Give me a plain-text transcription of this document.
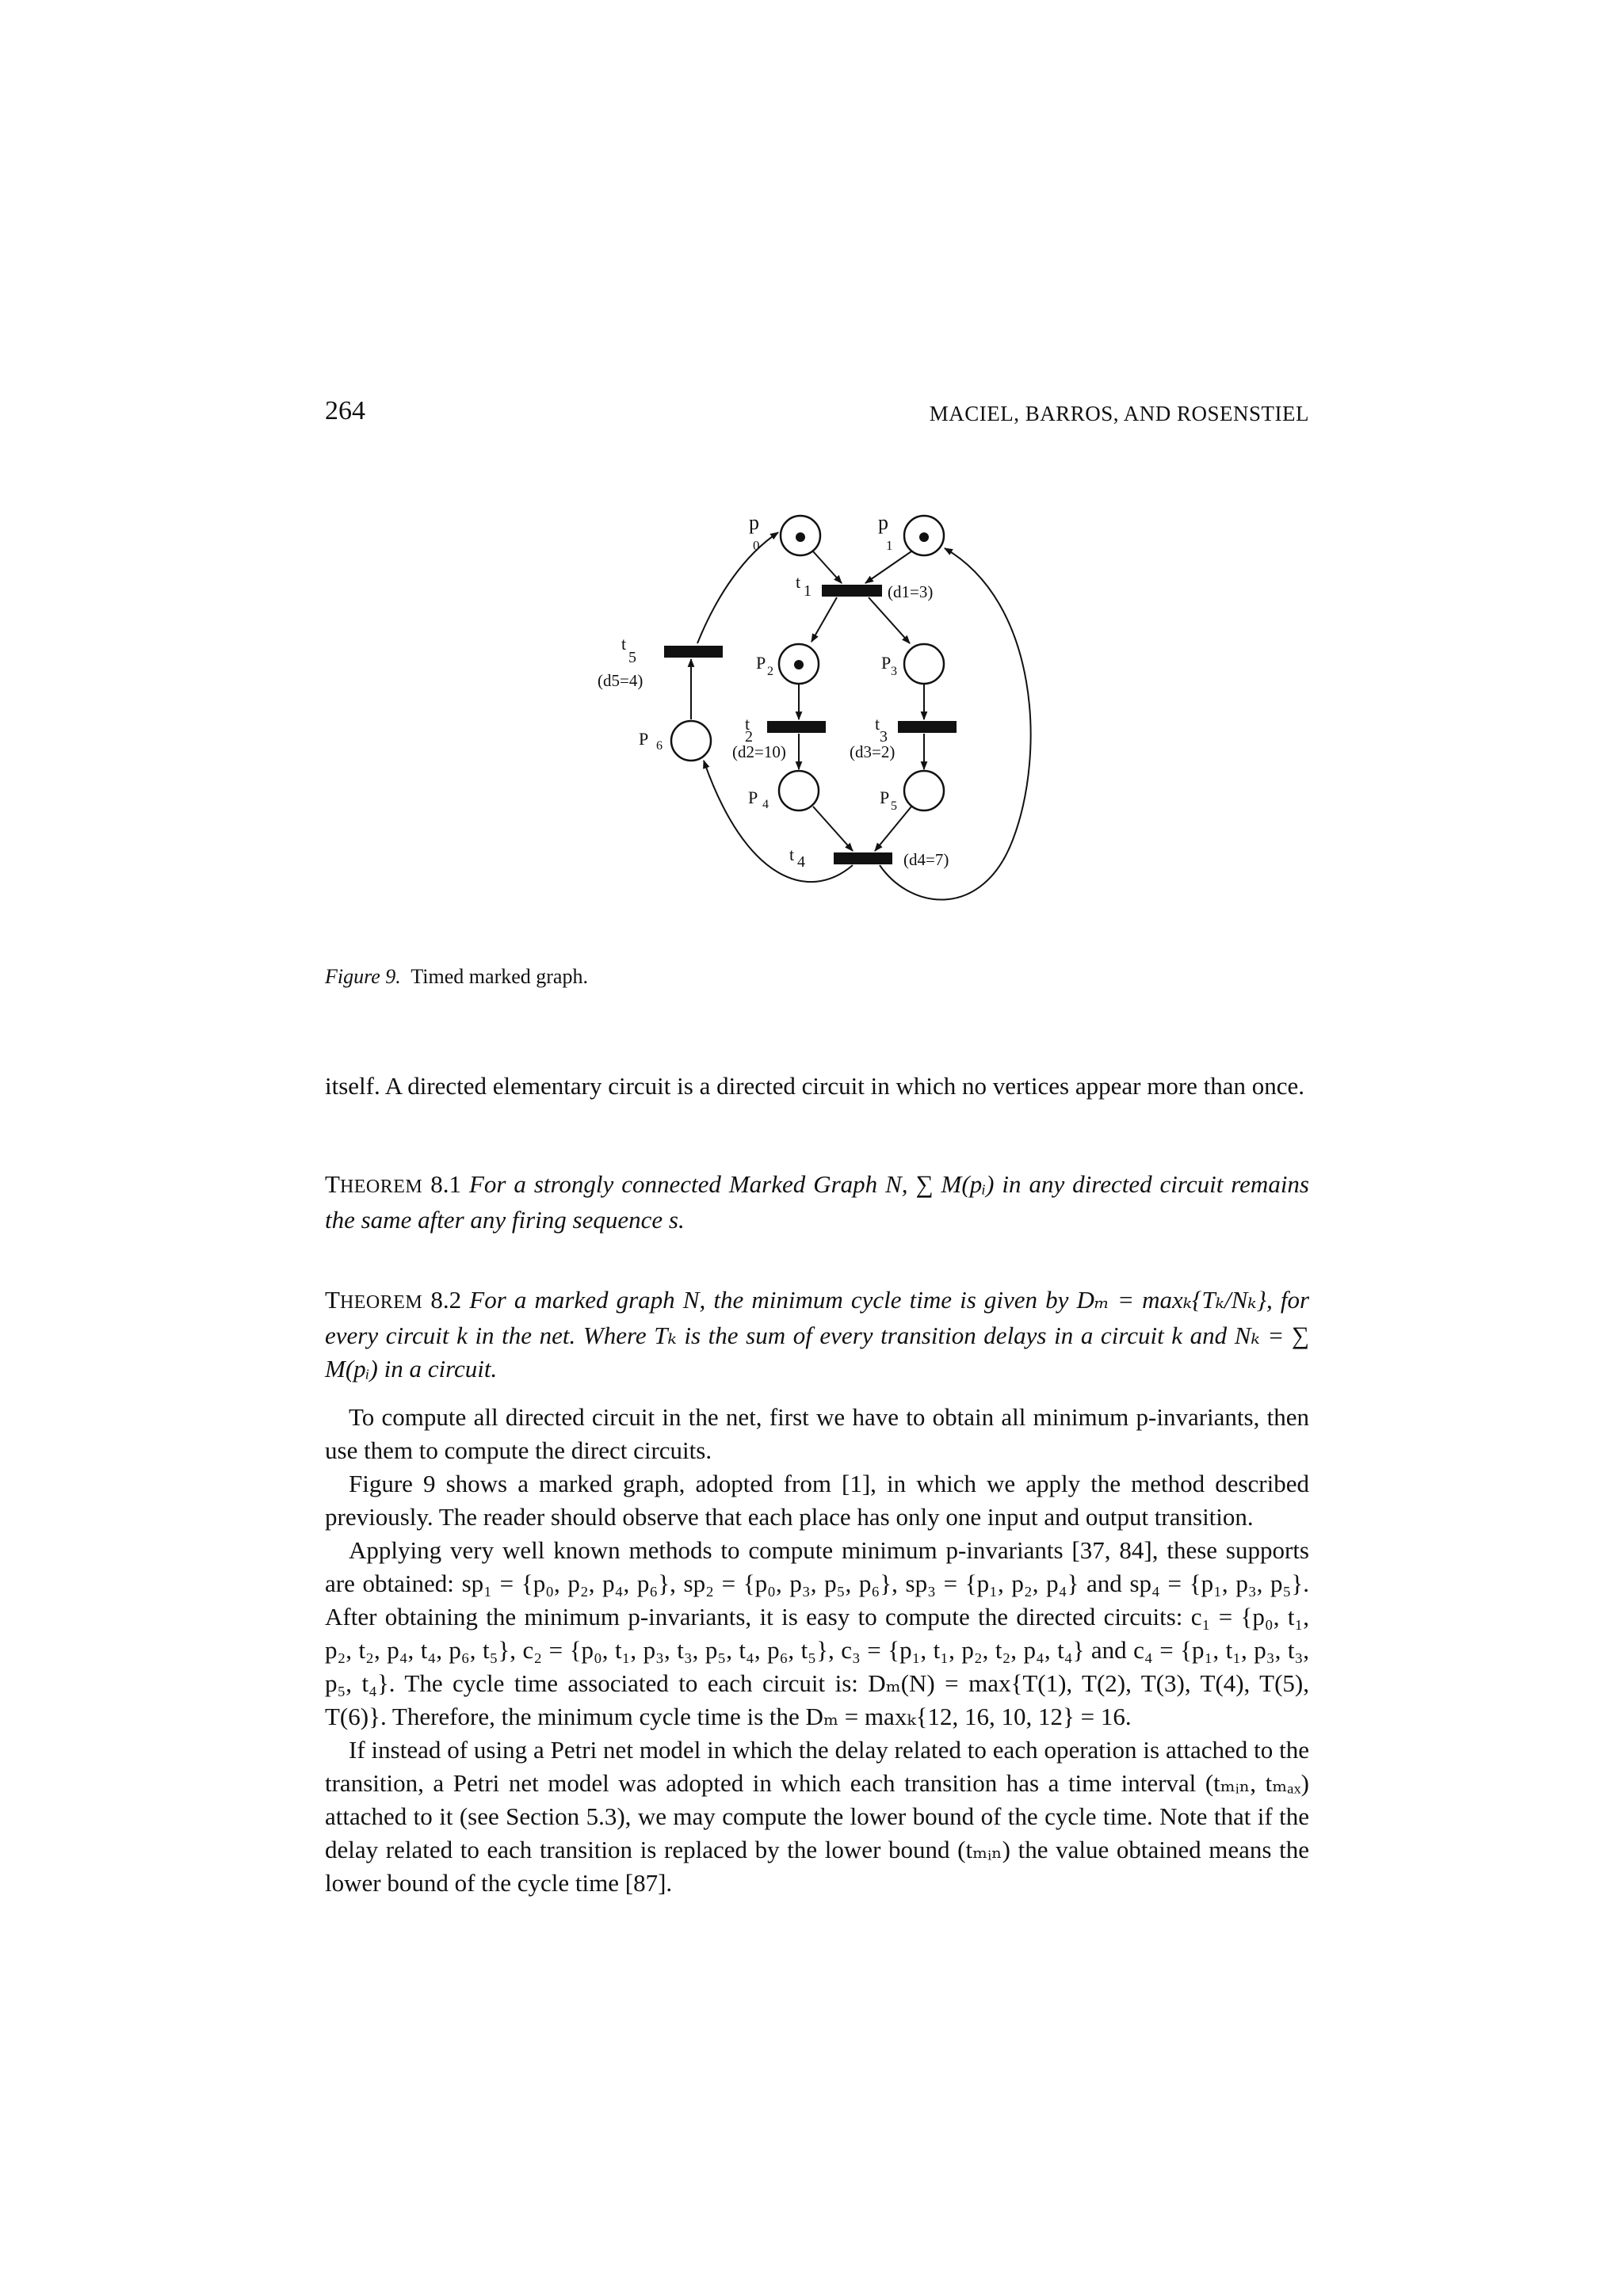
264	MACIEL, BARROS, AND ROSENSTIEL
p
0
p
1
P 2	P 3
P 4	P 5
P 6
t 1	(d1=3)
t
2
(d2=10)
t
3
(d3=2)
t 4	(d4=7)
t
5
(d5=4)
Figure 9. Timed marked graph.

itself. A directed elementary circuit is a directed circuit in which no vertices appear more than once.

THEOREM 8.1 For a strongly connected Marked Graph N, ∑ M(pᵢ) in any directed circuit remains the same after any firing sequence s.

THEOREM 8.2 For a marked graph N, the minimum cycle time is given by Dₘ = maxₖ{Tₖ/Nₖ}, for every circuit k in the net. Where Tₖ is the sum of every transition delays in a circuit k and Nₖ = ∑ M(pᵢ) in a circuit.

To compute all directed circuit in the net, first we have to obtain all minimum p-invariants, then use them to compute the direct circuits.

Figure 9 shows a marked graph, adopted from [1], in which we apply the method described previously. The reader should observe that each place has only one input and output transition.

Applying very well known methods to compute minimum p-invariants [37, 84], these supports are obtained: sp₁ = {p₀, p₂, p₄, p₆}, sp₂ = {p₀, p₃, p₅, p₆}, sp₃ = {p₁, p₂, p₄} and sp₄ = {p₁, p₃, p₅}. After obtaining the minimum p-invariants, it is easy to compute the directed circuits: c₁ = {p₀, t₁, p₂, t₂, p₄, t₄, p₆, t₅}, c₂ = {p₀, t₁, p₃, t₃, p₅, t₄, p₆, t₅}, c₃ = {p₁, t₁, p₂, t₂, p₄, t₄} and c₄ = {p₁, t₁, p₃, t₃, p₅, t₄}. The cycle time associated to each circuit is: Dₘ(N) = max{T(1), T(2), T(3), T(4), T(5), T(6)}. Therefore, the minimum cycle time is the Dₘ = maxₖ{12, 16, 10, 12} = 16.

If instead of using a Petri net model in which the delay related to each operation is attached to the transition, a Petri net model was adopted in which each transition has a time interval (tₘᵢₙ, tₘₐₓ) attached to it (see Section 5.3), we may compute the lower bound of the cycle time. Note that if the delay related to each transition is replaced by the lower bound (tₘᵢₙ) the value obtained means the lower bound of the cycle time [87].
